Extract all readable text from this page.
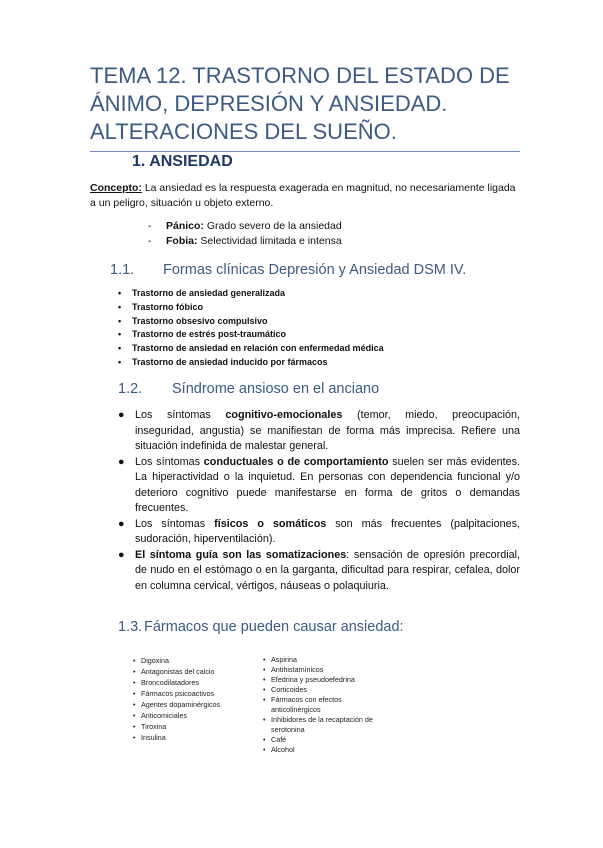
TEMA 12. TRASTORNO DEL ESTADO DE ÁNIMO, DEPRESIÓN Y ANSIEDAD. ALTERACIONES DEL SUEÑO.
1. ANSIEDAD
Concepto: La ansiedad es la respuesta exagerada en magnitud, no necesariamente ligada a un peligro, situación u objeto externo.
-	Pánico: Grado severo de la ansiedad
-	Fobia: Selectividad limitada e intensa
1.1. Formas clínicas Depresión y Ansiedad DSM IV.
•	Trastorno de ansiedad generalizada
•	Trastorno fóbico
•	Trastorno obsesivo compulsivo
•	Trastorno de estrés post-traumático
•	Trastorno de ansiedad en relación con enfermedad médica
•	Trastorno de ansiedad inducido por fármacos
1.2. Síndrome ansioso en el anciano
● Los síntomas cognitivo-emocionales (temor, miedo, preocupación, inseguridad, angustia) se manifiestan de forma más imprecisa. Refiere una situación indefinida de malestar general.
● Los síntomas conductuales o de comportamiento suelen ser más evidentes. La hiperactividad o la inquietud. En personas con dependencia funcional y/o deterioro cognitivo puede manifestarse en forma de gritos o demandas frecuentes.
● Los síntomas físicos o somáticos son más frecuentes (palpitaciones, sudoración, hiperventilación).
● El síntoma guía son las somatizaciones: sensación de opresión precordial, de nudo en el estómago o en la garganta, dificultad para respirar, cefalea, dolor en columna cervical, vértigos, náuseas o polaquiuria.
1.3. Fármacos que pueden causar ansiedad:
• Digoxina
• Antagonistas del calcio
• Broncodilatadores
• Fármacos psicoactivos
• Agentes dopaminérgicos
• Anticomiciales
• Tiroxina
• Insulina
• Aspirina
• Antihistamínicos
• Efedrina y pseudoefedrina
• Corticoides
• Fármacos con efectos anticolinérgicos
• Inhibidores de la recaptación de serotonina
• Café
• Alcohol
